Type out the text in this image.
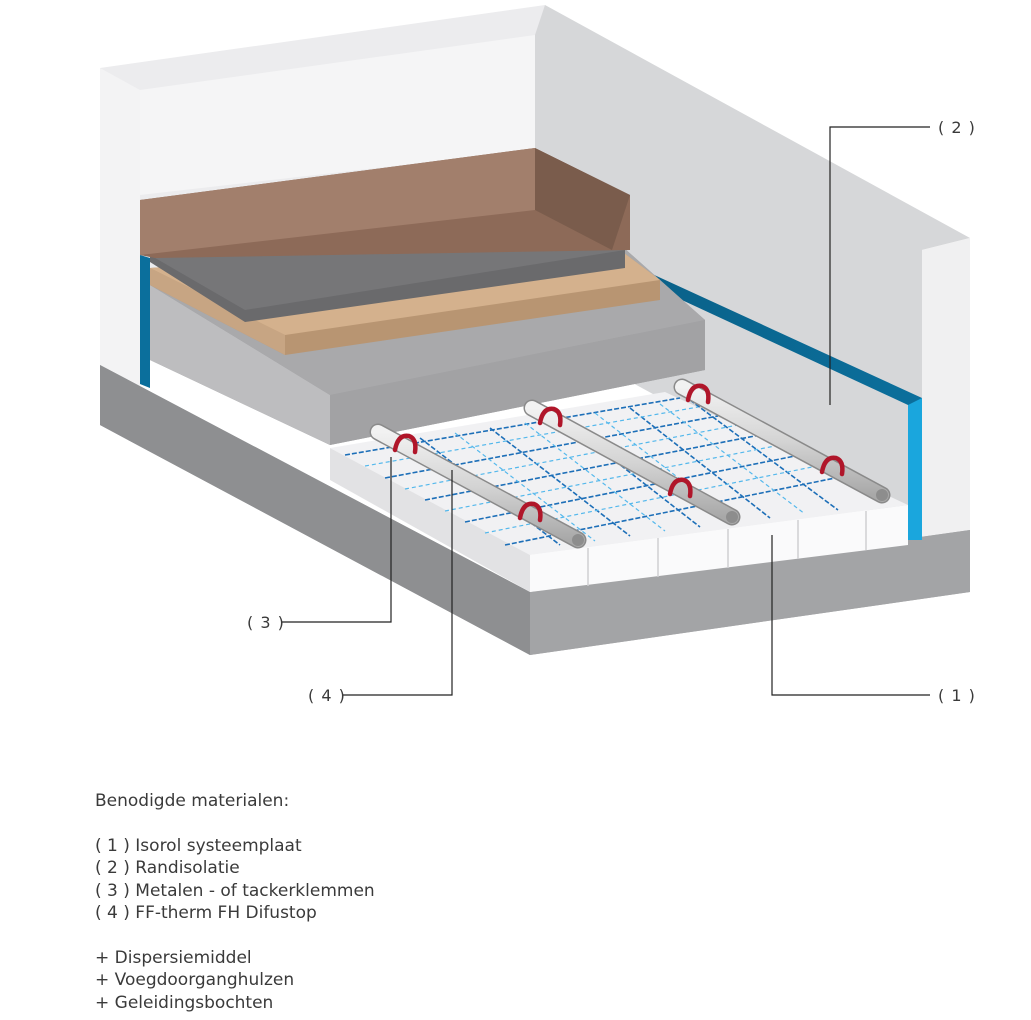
( 2 )
( 3 )
( 4 )	( 1 )
Benodigde materialen:
( 1 ) Isorol systeemplaat
( 2 ) Randisolatie
( 3 ) Metalen - of tackerklemmen
( 4 ) FF-therm FH Difustop
+ Dispersiemiddel
+ Voegdoorganghulzen
+ Geleidingsbochten
